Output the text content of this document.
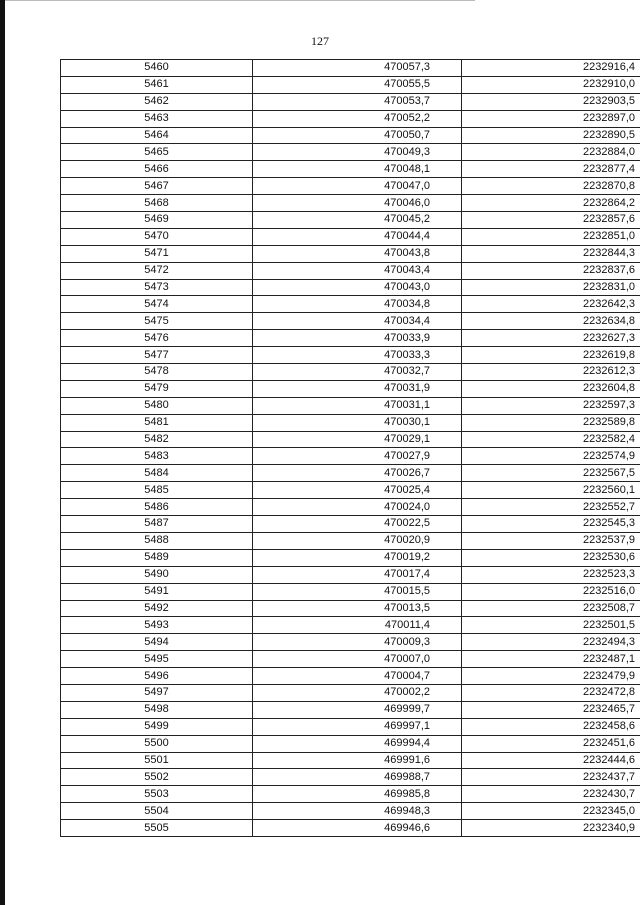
127
5460	470057,3	2232916,4
5461	470055,5	2232910,0
5462	470053,7	2232903,5
5463	470052,2	2232897,0
5464	470050,7	2232890,5
5465	470049,3	2232884,0
5466	470048,1	2232877,4
5467	470047,0	2232870,8
5468	470046,0	2232864,2
5469	470045,2	2232857,6
5470	470044,4	2232851,0
5471	470043,8	2232844,3
5472	470043,4	2232837,6
5473	470043,0	2232831,0
5474	470034,8	2232642,3
5475	470034,4	2232634,8
5476	470033,9	2232627,3
5477	470033,3	2232619,8
5478	470032,7	2232612,3
5479	470031,9	2232604,8
5480	470031,1	2232597,3
5481	470030,1	2232589,8
5482	470029,1	2232582,4
5483	470027,9	2232574,9
5484	470026,7	2232567,5
5485	470025,4	2232560,1
5486	470024,0	2232552,7
5487	470022,5	2232545,3
5488	470020,9	2232537,9
5489	470019,2	2232530,6
5490	470017,4	2232523,3
5491	470015,5	2232516,0
5492	470013,5	2232508,7
5493	470011,4	2232501,5
5494	470009,3	2232494,3
5495	470007,0	2232487,1
5496	470004,7	2232479,9
5497	470002,2	2232472,8
5498	469999,7	2232465,7
5499	469997,1	2232458,6
5500	469994,4	2232451,6
5501	469991,6	2232444,6
5502	469988,7	2232437,7
5503	469985,8	2232430,7
5504	469948,3	2232345,0
5505	469946,6	2232340,9
